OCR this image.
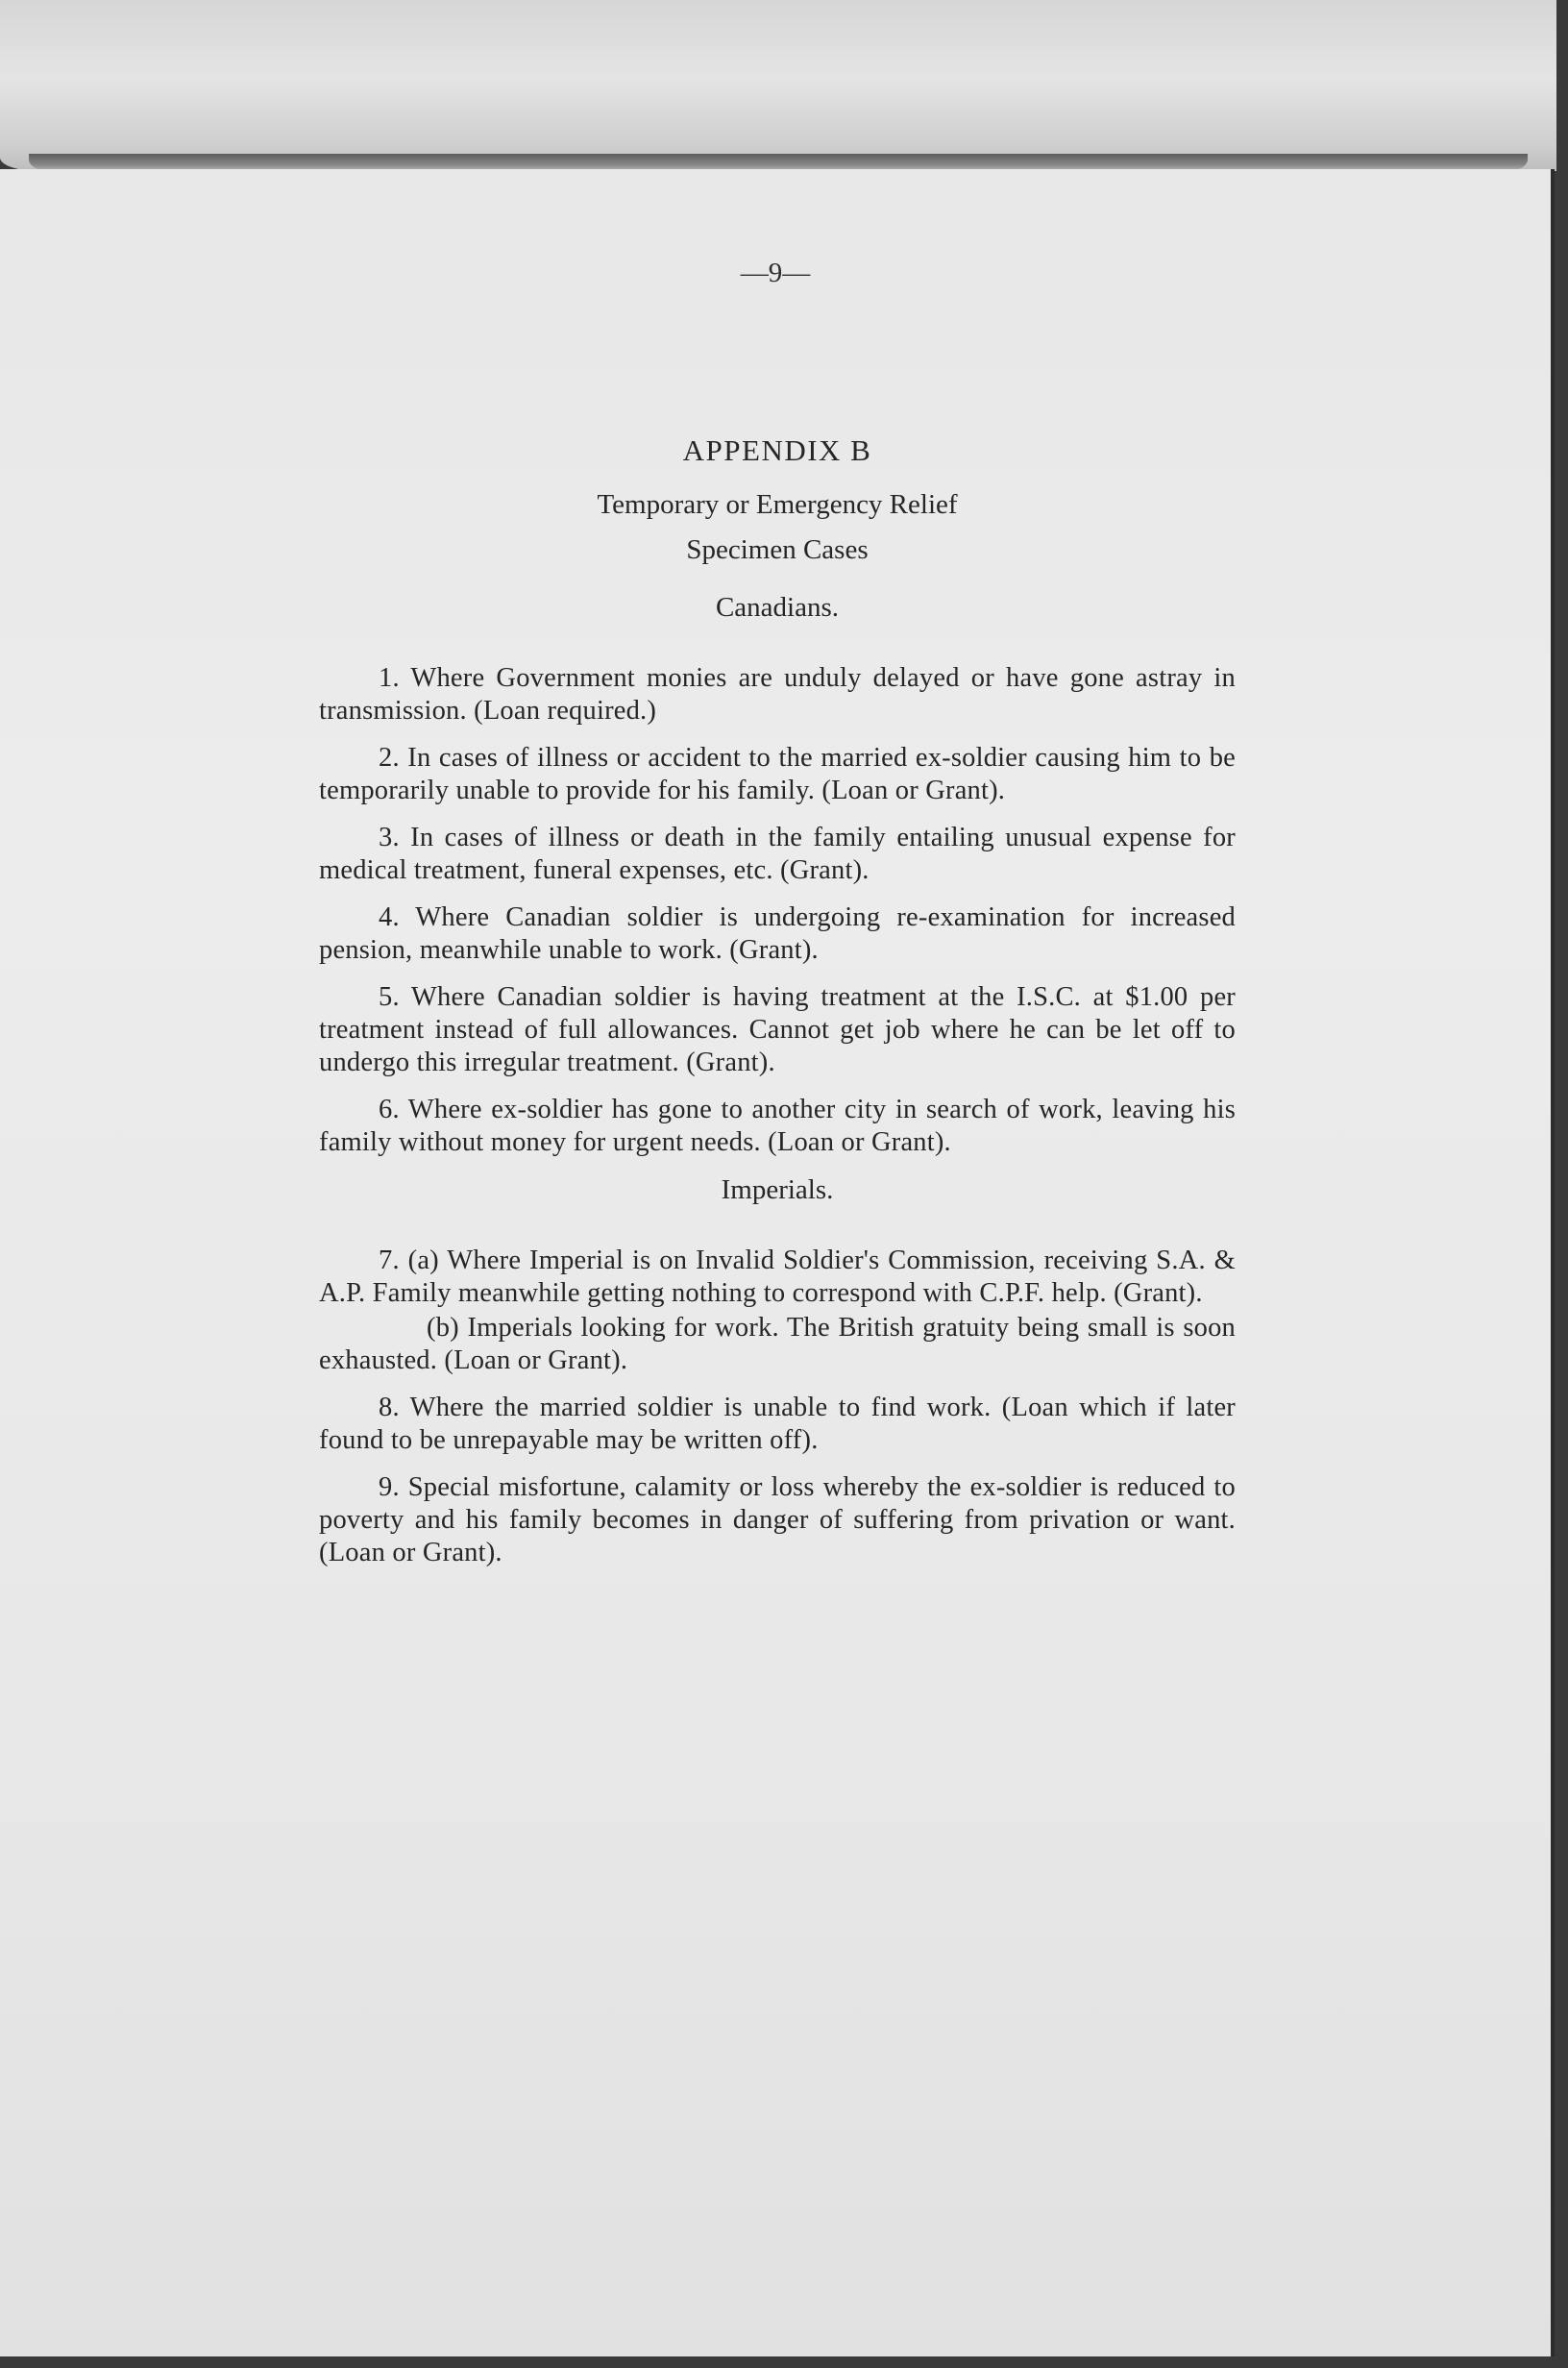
—9—

APPENDIX B

Temporary or Emergency Relief

Specimen Cases

Canadians.

1. Where Government monies are unduly delayed or have gone astray in transmission. (Loan required.)

2. In cases of illness or accident to the married ex-soldier causing him to be temporarily unable to provide for his family. (Loan or Grant).

3. In cases of illness or death in the family entailing unusual expense for medical treatment, funeral expenses, etc. (Grant).

4. Where Canadian soldier is undergoing re-examination for increased pension, meanwhile unable to work. (Grant).

5. Where Canadian soldier is having treatment at the I.S.C. at $1.00 per treatment instead of full allowances. Cannot get job where he can be let off to undergo this irregular treatment. (Grant).

6. Where ex-soldier has gone to another city in search of work, leaving his family without money for urgent needs. (Loan or Grant).

Imperials.

7. (a) Where Imperial is on Invalid Soldier's Commission, receiving S.A. & A.P. Family meanwhile getting nothing to correspond with C.P.F. help. (Grant).

(b) Imperials looking for work. The British gratuity being small is soon exhausted. (Loan or Grant).

8. Where the married soldier is unable to find work. (Loan which if later found to be unrepayable may be written off).

9. Special misfortune, calamity or loss whereby the ex-soldier is reduced to poverty and his family becomes in danger of suffering from privation or want. (Loan or Grant).
